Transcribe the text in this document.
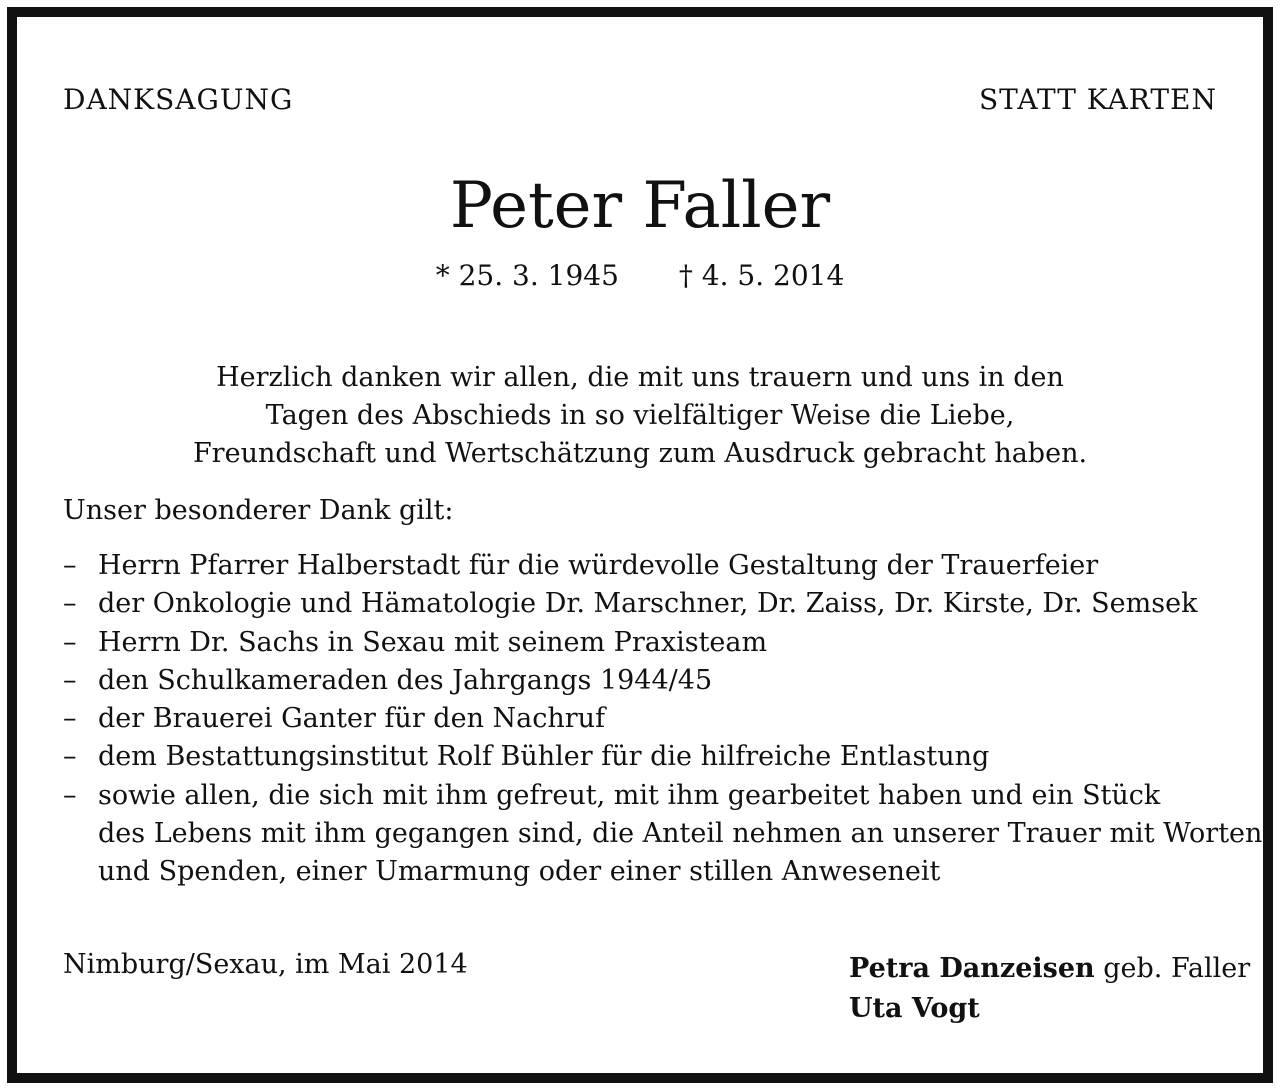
DANKSAGUNG	STATT KARTEN
Peter Faller
* 25. 3. 1945 † 4. 5. 2014
Herzlich danken wir allen, die mit uns trauern und uns in den
Tagen des Abschieds in so vielfältiger Weise die Liebe,
Freundschaft und Wertschätzung zum Ausdruck gebracht haben.
Unser besonderer Dank gilt:
– Herrn Pfarrer Halberstadt für die würdevolle Gestaltung der Trauerfeier
– der Onkologie und Hämatologie Dr. Marschner, Dr. Zaiss, Dr. Kirste, Dr. Semsek
– Herrn Dr. Sachs in Sexau mit seinem Praxisteam
– den Schulkameraden des Jahrgangs 1944/45
– der Brauerei Ganter für den Nachruf
– dem Bestattungsinstitut Rolf Bühler für die hilfreiche Entlastung
– sowie allen, die sich mit ihm gefreut, mit ihm gearbeitet haben und ein Stück
des Lebens mit ihm gegangen sind, die Anteil nehmen an unserer Trauer mit Worten
und Spenden, einer Umarmung oder einer stillen Anweseneit
Nimburg/Sexau, im Mai 2014	Petra Danzeisen geb. Faller
Uta Vogt
